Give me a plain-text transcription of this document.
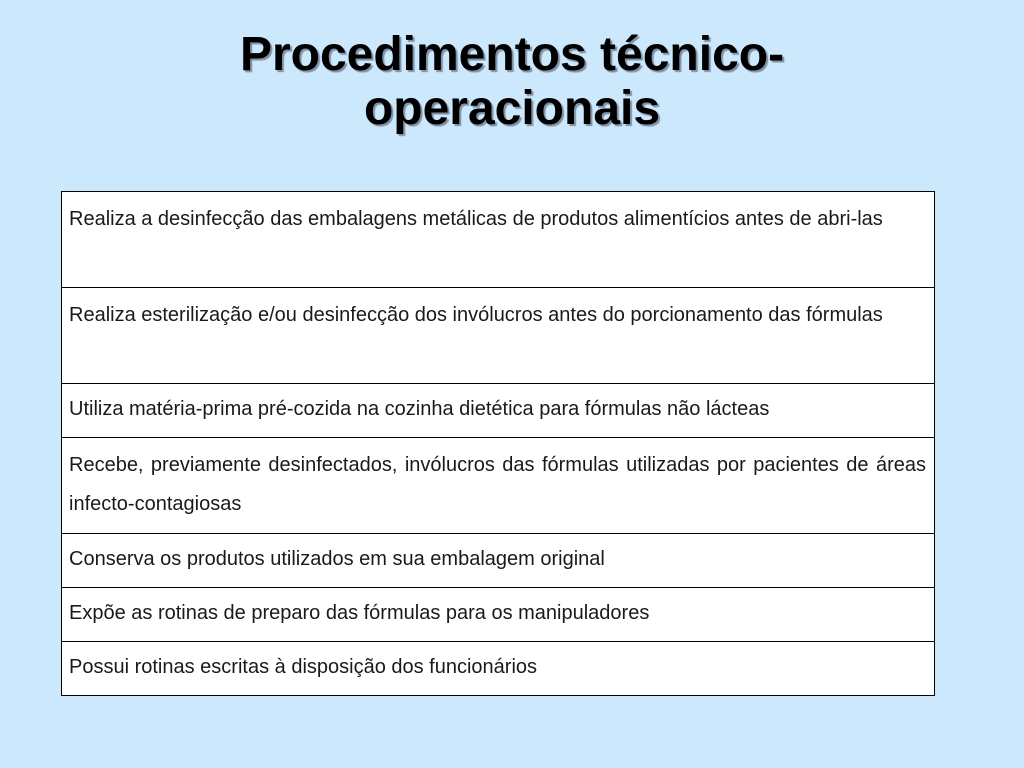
Procedimentos técnico-
operacionais
Realiza a desinfecção das embalagens metálicas de produtos alimentícios antes de abri-las
Realiza esterilização e/ou desinfecção dos invólucros antes do porcionamento das fórmulas
Utiliza matéria-prima pré-cozida na cozinha dietética para fórmulas não lácteas
Recebe, previamente desinfectados, invólucros das fórmulas utilizadas por pacientes de áreas infecto-contagiosas
Conserva os produtos utilizados em sua embalagem original
Expõe as rotinas de preparo das fórmulas para os manipuladores
Possui rotinas escritas à disposição dos funcionários
